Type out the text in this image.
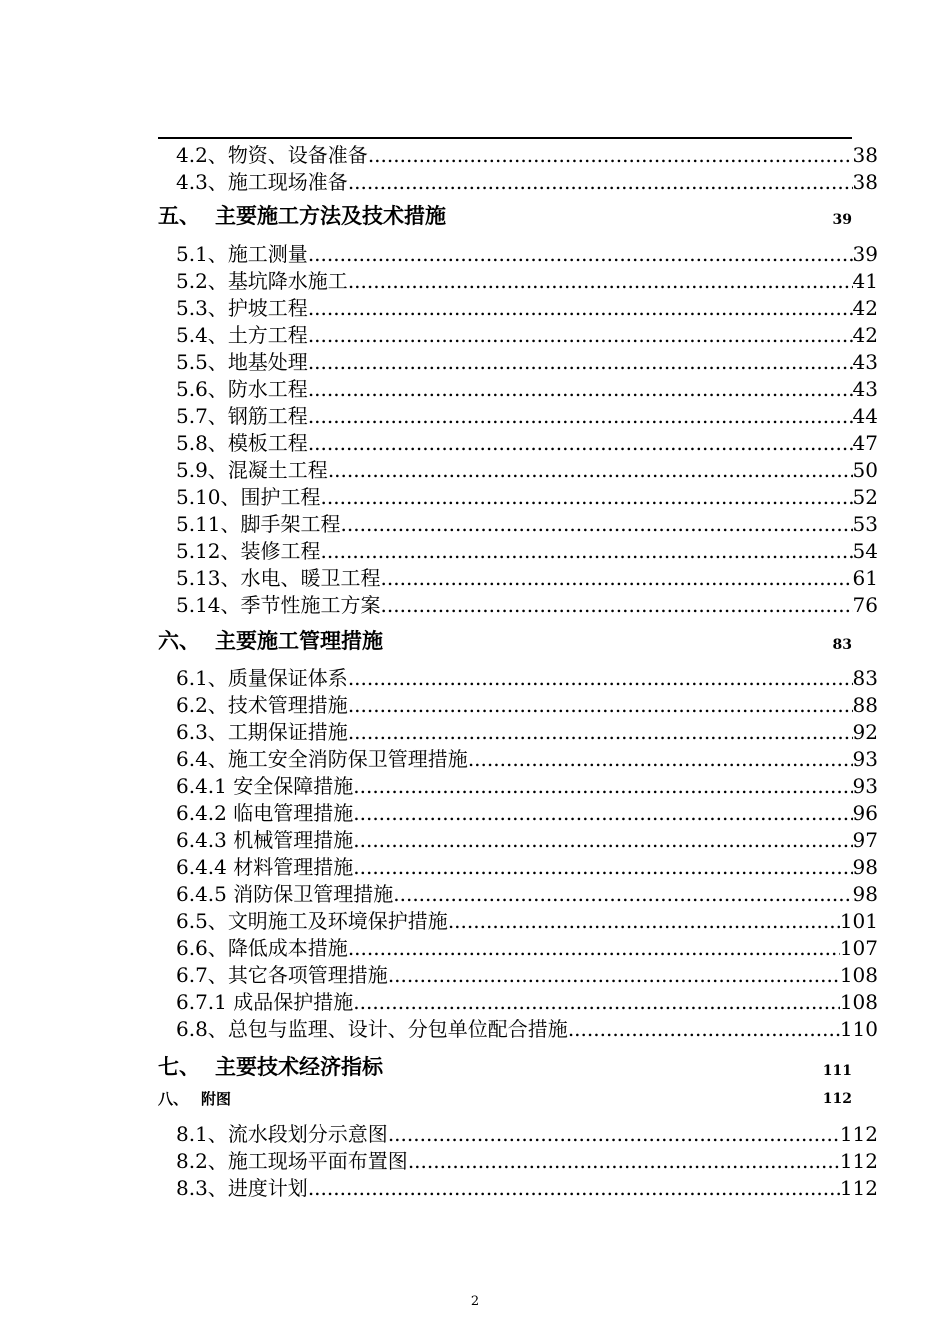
4.2、 物资、设备准备 .....	38
4.3、 施工现场准备 .....	38
五、 主要施工方法及技术措施	39
5.1、 施工测量 .....	39
5.2、 基坑降水施工 .....	41
5.3、 护坡工程 .....	42
5.4、 土方工程 .....	42
5.5、 地基处理 .....	43
5.6、 防水工程 .....	43
5.7、 钢筋工程 .....	44
5.8、 模板工程 .....	47
5.9、 混凝土工程 .....	50
5.10、 围护工程 .....	52
5.11、 脚手架工程 .....	53
5.12、 装修工程 .....	54
5.13、 水电、暖卫工程 .....	61
5.14、 季节性施工方案 .....	76
六、 主要施工管理措施	83
6.1、 质量保证体系 .....	83
6.2、 技术管理措施 .....	88
6.3、 工期保证措施 .....	92
6.4、 施工安全消防保卫管理措施 .....	93
6.4.1 安全保障措施 .....	93
6.4.2 临电管理措施 .....	96
6.4.3 机械管理措施 .....	97
6.4.4 材料管理措施 .....	98
6.4.5 消防保卫管理措施 .....	98
6.5、 文明施工及环境保护措施 .....	101
6.6、 降低成本措施 .....	107
6.7、 其它各项管理措施 .....	108
6.7.1 成品保护措施 .....	108
6.8、 总包与监理、设计、分包单位配合措施 .....	110
七、 主要技术经济指标	111
八、 附图	112
8.1、 流水段划分示意图 .....	112
8.2、 施工现场平面布置图 .....	112
8.3、 进度计划 .....	112
2
